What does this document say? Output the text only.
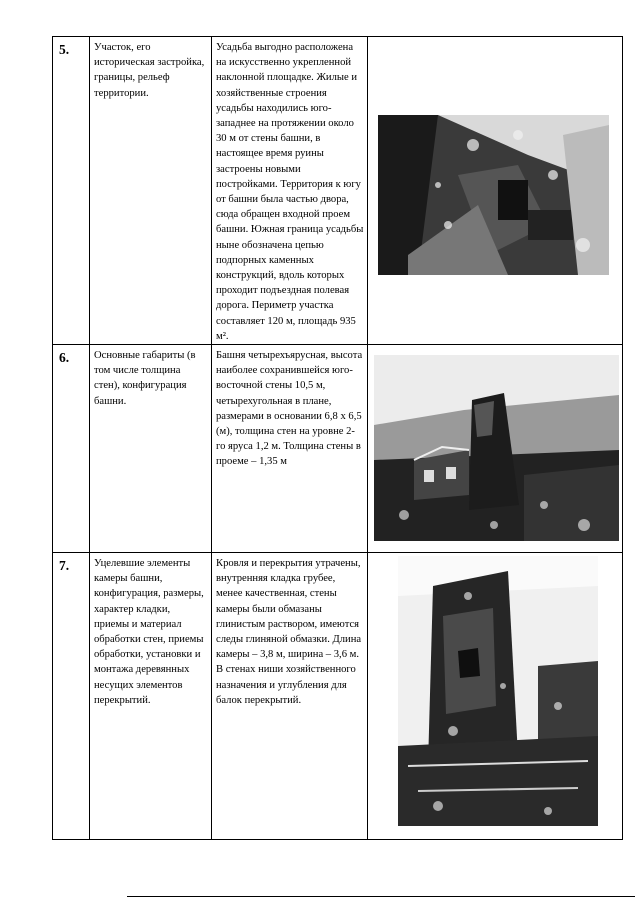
5.	Участок, его историческая застройка, границы, рельеф территории.	Усадьба выгодно расположена на искусственно укрепленной наклонной площадке. Жилые и хозяйственные строения усадьбы находились юго-западнее на протяжении около 30 м от стены башни, в настоящее время руины застроены новыми постройками. Территория к югу от башни была частью двора, сюда обращен входной проем башни. Южная граница усадьбы ныне обозначена цепью подпорных каменных конструкций, вдоль которых проходит подъездная полевая дорога. Периметр участка составляет 120 м, площадь 935 м².

6.	Основные габариты (в том числе толщина стен), конфигурация башни.	Башня четырехъярусная, высота наиболее сохранившейся юго-восточной стены 10,5 м, четырехугольная в плане, размерами в основании 6,8 х 6,5 (м), толщина стен на уровне 2-го яруса 1,2 м. Толщина стены в проеме – 1,35 м

7.	Уцелевшие элементы камеры башни, конфигурация, размеры, характер кладки, приемы и материал обработки стен, приемы обработки, установки и монтажа деревянных несущих элементов перекрытий.	Кровля и перекрытия утрачены, внутренняя кладка грубее, менее качественная, стены камеры были обмазаны глинистым раствором, имеются следы глиняной обмазки. Длина камеры – 3,8 м, ширина – 3,6 м. В стенах ниши хозяйственного назначения и углубления для балок перекрытий.
